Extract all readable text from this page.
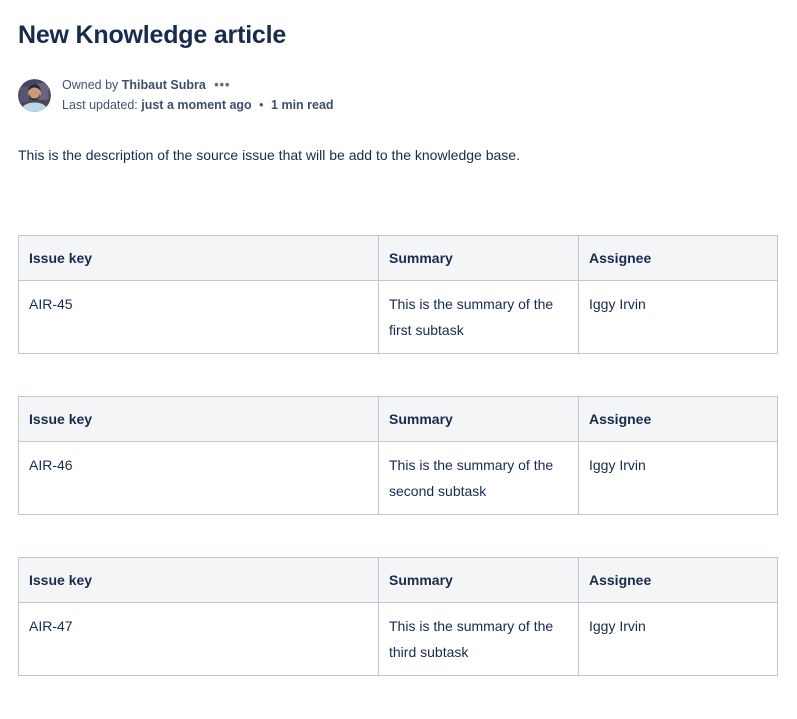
New Knowledge article
Owned by Thibaut Subra •••
Last updated: just a moment ago • 1 min read

This is the description of the source issue that will be add to the knowledge base.

Issue key	Summary	Assignee
AIR-45	This is the summary of the first subtask	Iggy Irvin
Issue key	Summary	Assignee
AIR-46	This is the summary of the second subtask	Iggy Irvin
Issue key	Summary	Assignee
AIR-47	This is the summary of the third subtask	Iggy Irvin
